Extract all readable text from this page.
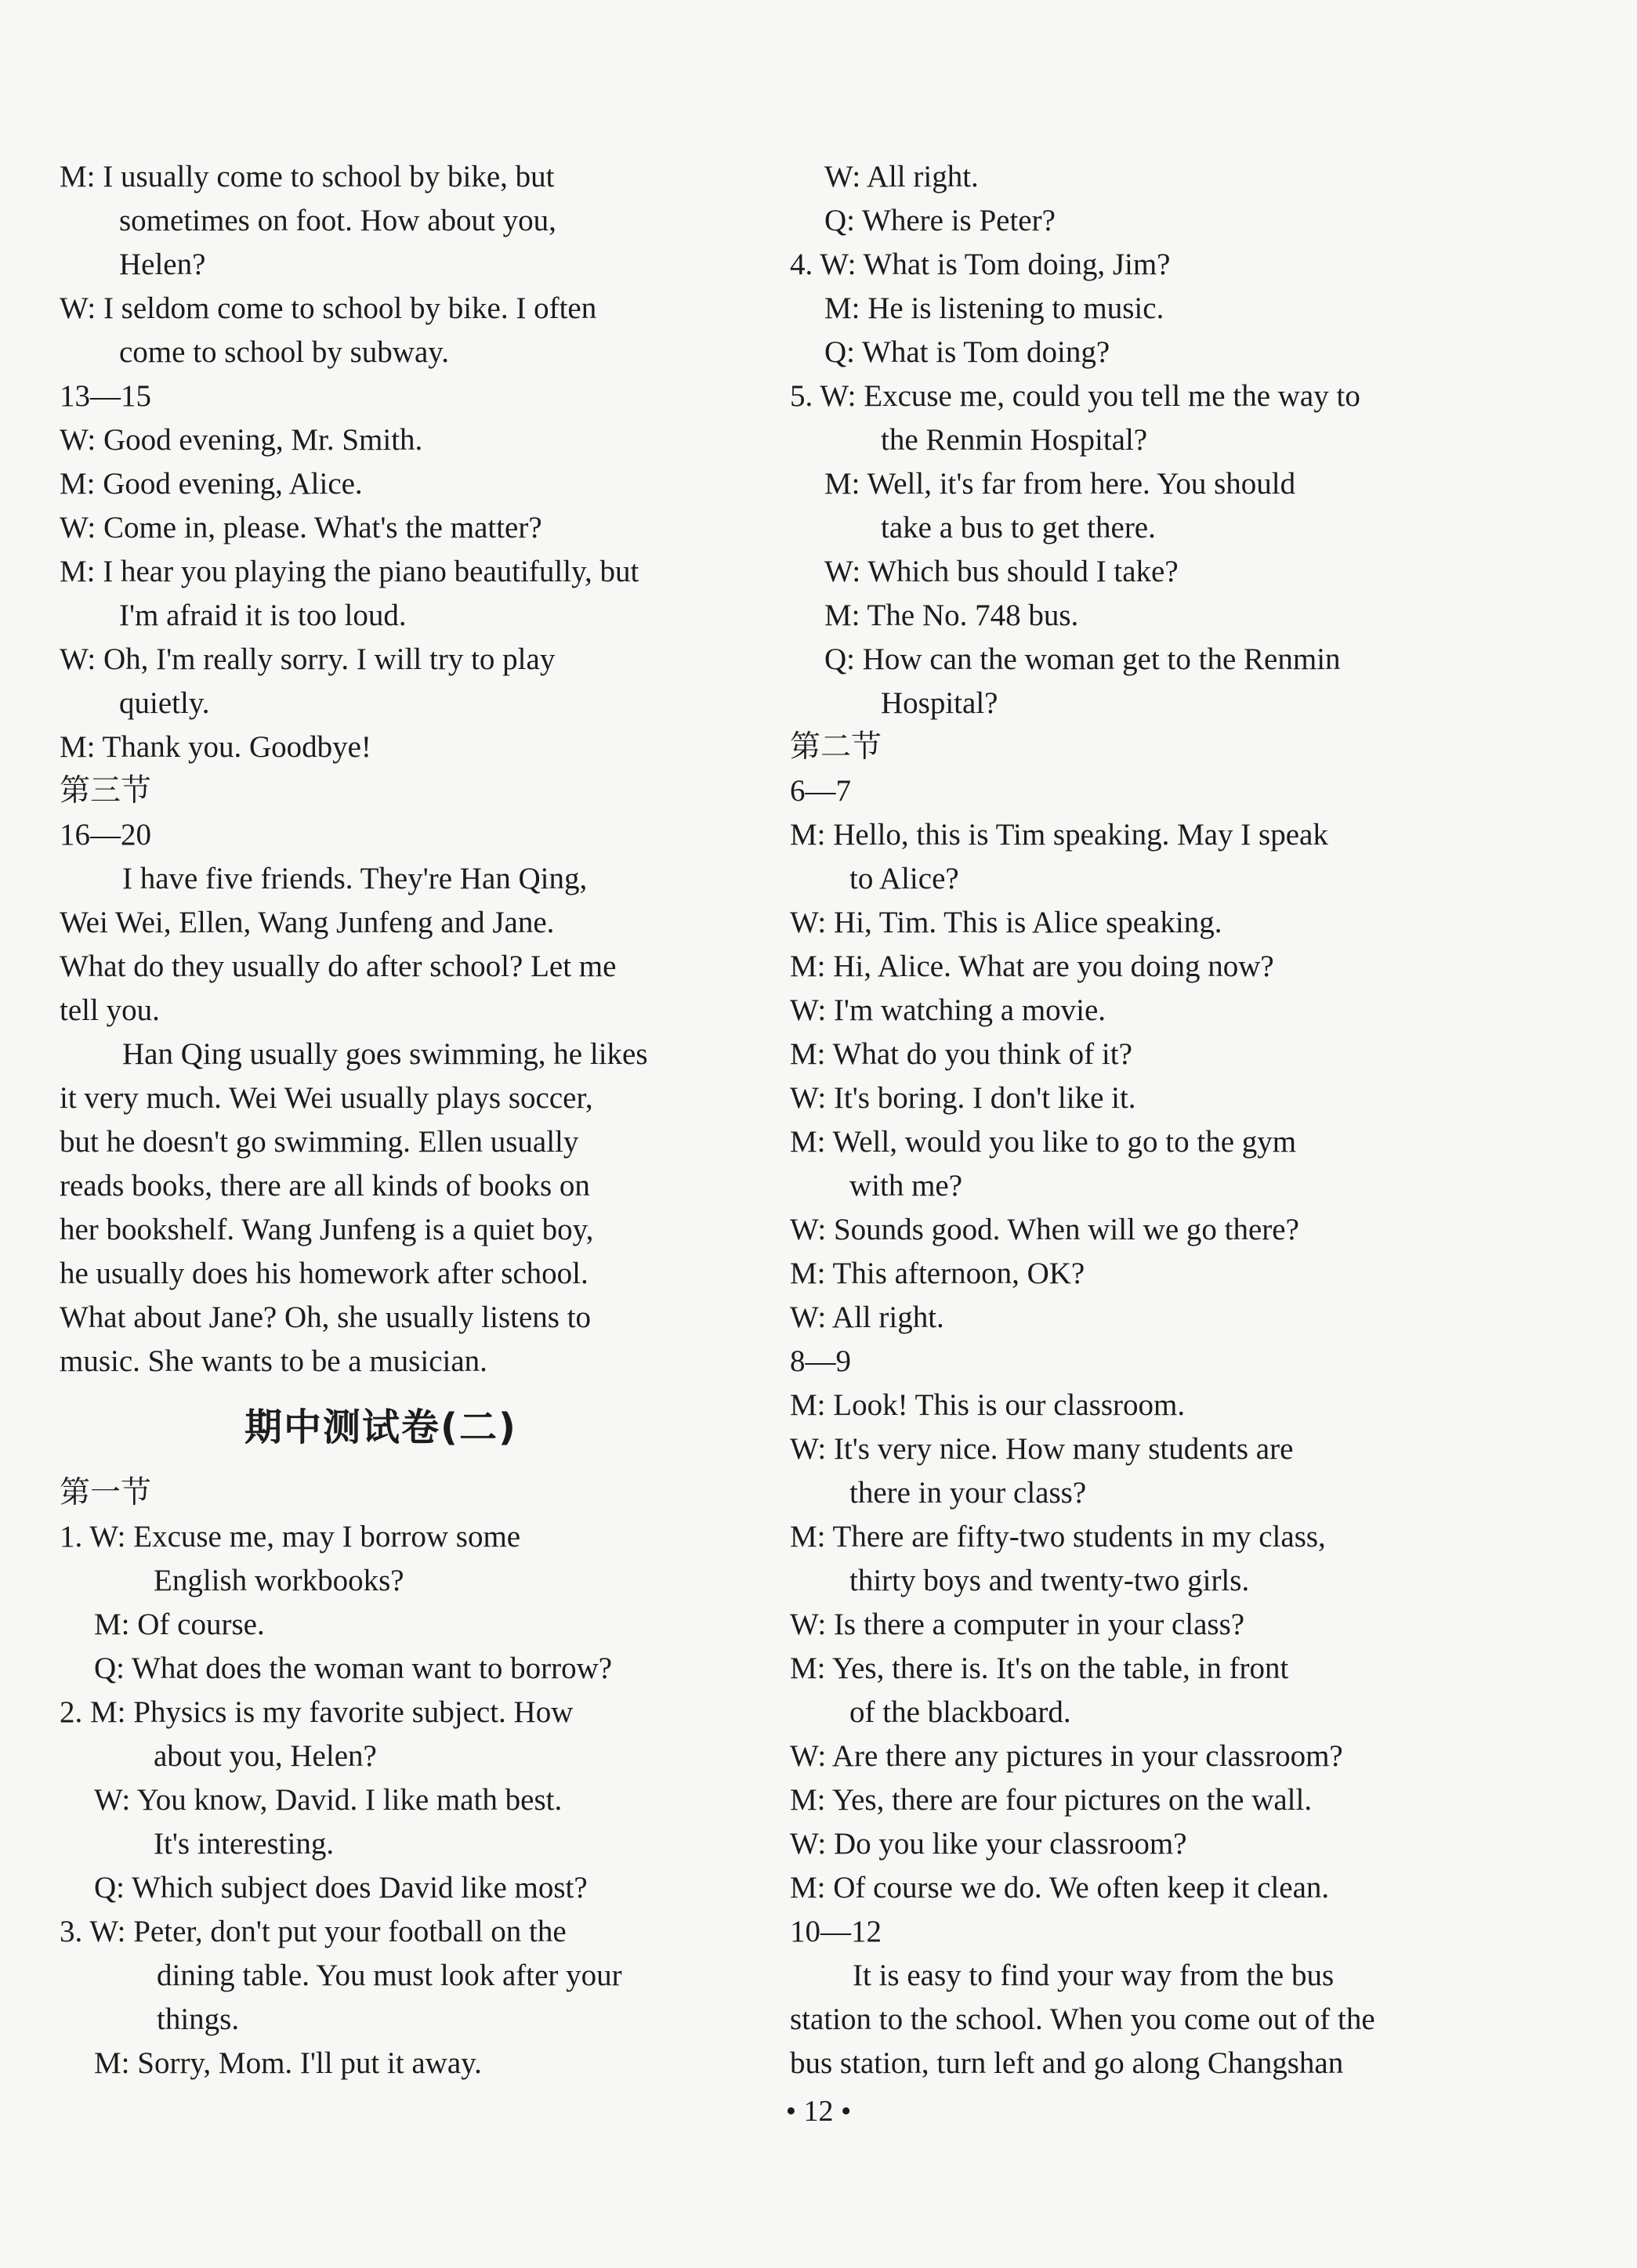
M: I usually come to school by bike, but
sometimes on foot. How about you,
Helen?
W: I seldom come to school by bike. I often
come to school by subway.
13—15
W: Good evening, Mr. Smith.
M: Good evening, Alice.
W: Come in, please. What's the matter?
M: I hear you playing the piano beautifully, but
I'm afraid it is too loud.
W: Oh, I'm really sorry. I will try to play
quietly.
M: Thank you. Goodbye!
第三节
16—20
I have five friends. They're Han Qing,
Wei Wei, Ellen, Wang Junfeng and Jane.
What do they usually do after school? Let me
tell you.
Han Qing usually goes swimming, he likes
it very much. Wei Wei usually plays soccer,
but he doesn't go swimming. Ellen usually
reads books, there are all kinds of books on
her bookshelf. Wang Junfeng is a quiet boy,
he usually does his homework after school.
What about Jane? Oh, she usually listens to
music. She wants to be a musician.
期中测试卷(二)
第一节
1. W: Excuse me, may I borrow some
English workbooks?
M: Of course.
Q: What does the woman want to borrow?
2. M: Physics is my favorite subject. How
about you, Helen?
W: You know, David. I like math best.
It's interesting.
Q: Which subject does David like most?
3. W: Peter, don't put your football on the
dining table. You must look after your
things.
M: Sorry, Mom. I'll put it away.
W: All right.
Q: Where is Peter?
4. W: What is Tom doing, Jim?
M: He is listening to music.
Q: What is Tom doing?
5. W: Excuse me, could you tell me the way to
the Renmin Hospital?
M: Well, it's far from here. You should
take a bus to get there.
W: Which bus should I take?
M: The No. 748 bus.
Q: How can the woman get to the Renmin
Hospital?
第二节
6—7
M: Hello, this is Tim speaking. May I speak
to Alice?
W: Hi, Tim. This is Alice speaking.
M: Hi, Alice. What are you doing now?
W: I'm watching a movie.
M: What do you think of it?
W: It's boring. I don't like it.
M: Well, would you like to go to the gym
with me?
W: Sounds good. When will we go there?
M: This afternoon, OK?
W: All right.
8—9
M: Look! This is our classroom.
W: It's very nice. How many students are
there in your class?
M: There are fifty-two students in my class,
thirty boys and twenty-two girls.
W: Is there a computer in your class?
M: Yes, there is. It's on the table, in front
of the blackboard.
W: Are there any pictures in your classroom?
M: Yes, there are four pictures on the wall.
W: Do you like your classroom?
M: Of course we do. We often keep it clean.
10—12
It is easy to find your way from the bus
station to the school. When you come out of the
bus station, turn left and go along Changshan
• 12 •
